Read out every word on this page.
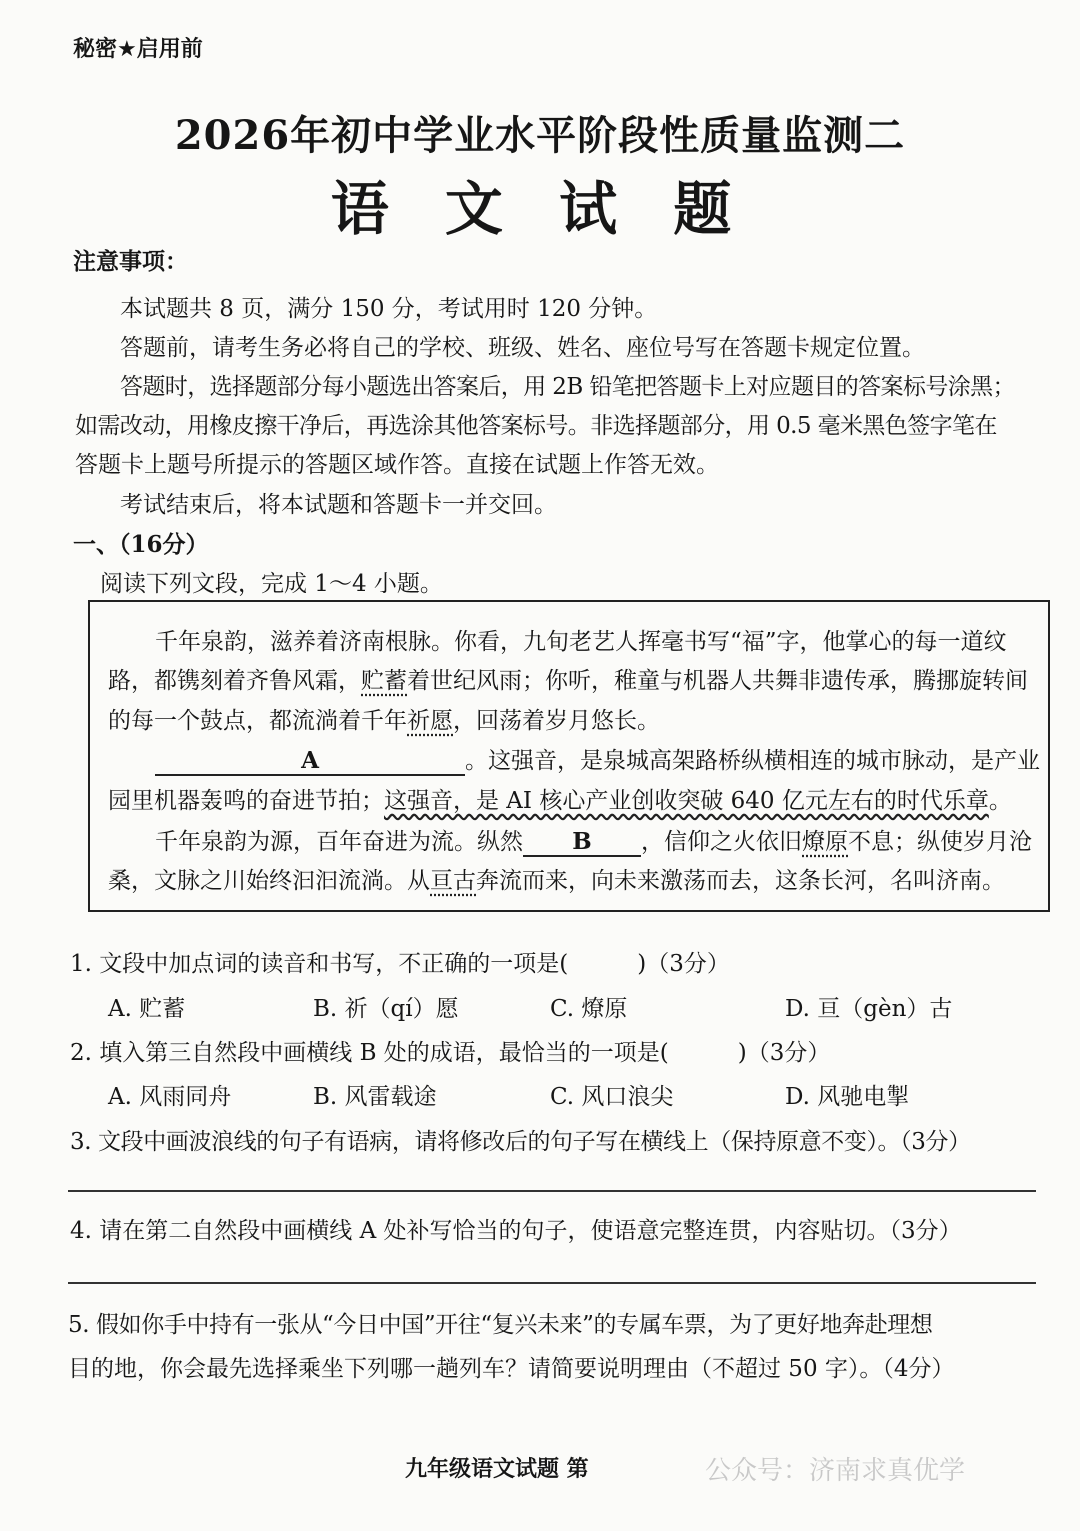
秘密★启用前
2026年初中学业水平阶段性质量监测二
语 文 试 题
注意事项：
本试题共 8 页，满分 150 分，考试用时 120 分钟。
答题前，请考生务必将自己的学校、班级、姓名、座位号写在答题卡规定位置。
答题时，选择题部分每小题选出答案后，用 2B 铅笔把答题卡上对应题目的答案标号涂黑；
如需改动，用橡皮擦干净后，再选涂其他答案标号。非选择题部分，用 0.5 毫米黑色签字笔在
答题卡上题号所提示的答题区域作答。直接在试题上作答无效。
考试结束后，将本试题和答题卡一并交回。
一、（16分）
阅读下列文段，完成 1～4 小题。
千年泉韵，滋养着济南根脉。你看，九旬老艺人挥毫书写“福”字，他掌心的每一道纹
路，都镌刻着齐鲁风霜，贮蓄着世纪风雨；你听，稚童与机器人共舞非遗传承，腾挪旋转间
的每一个鼓点，都流淌着千年祈愿，回荡着岁月悠长。
A	。这强音，是泉城高架路桥纵横相连的城市脉动，是产业
园里机器轰鸣的奋进节拍；这强音，是 AI 核心产业创收突破 640 亿元左右的时代乐章。
千年泉韵为源，百年奋进为流。纵然 B ，信仰之火依旧燎原不息；纵使岁月沧
桑，文脉之川始终汩汩流淌。从亘古奔流而来，向未来激荡而去，这条长河，名叫济南。
1. 文段中加点词的读音和书写，不正确的一项是(　　　)（3分）
A. 贮蓄	B. 祈（qí）愿	C. 燎原	D. 亘（gèn）古
2. 填入第三自然段中画横线 B 处的成语，最恰当的一项是(　　　)（3分）
A. 风雨同舟	B. 风雷载途	C. 风口浪尖	D. 风驰电掣
3. 文段中画波浪线的句子有语病，请将修改后的句子写在横线上（保持原意不变）。（3分）
4. 请在第二自然段中画横线 A 处补写恰当的句子，使语意完整连贯，内容贴切。（3分）
5. 假如你手中持有一张从“今日中国”开往“复兴未来”的专属车票，为了更好地奔赴理想
目的地，你会最先选择乘坐下列哪一趟列车？请简要说明理由（不超过 50 字）。（4分）
九年级语文试题 第	公众号：济南求真优学
